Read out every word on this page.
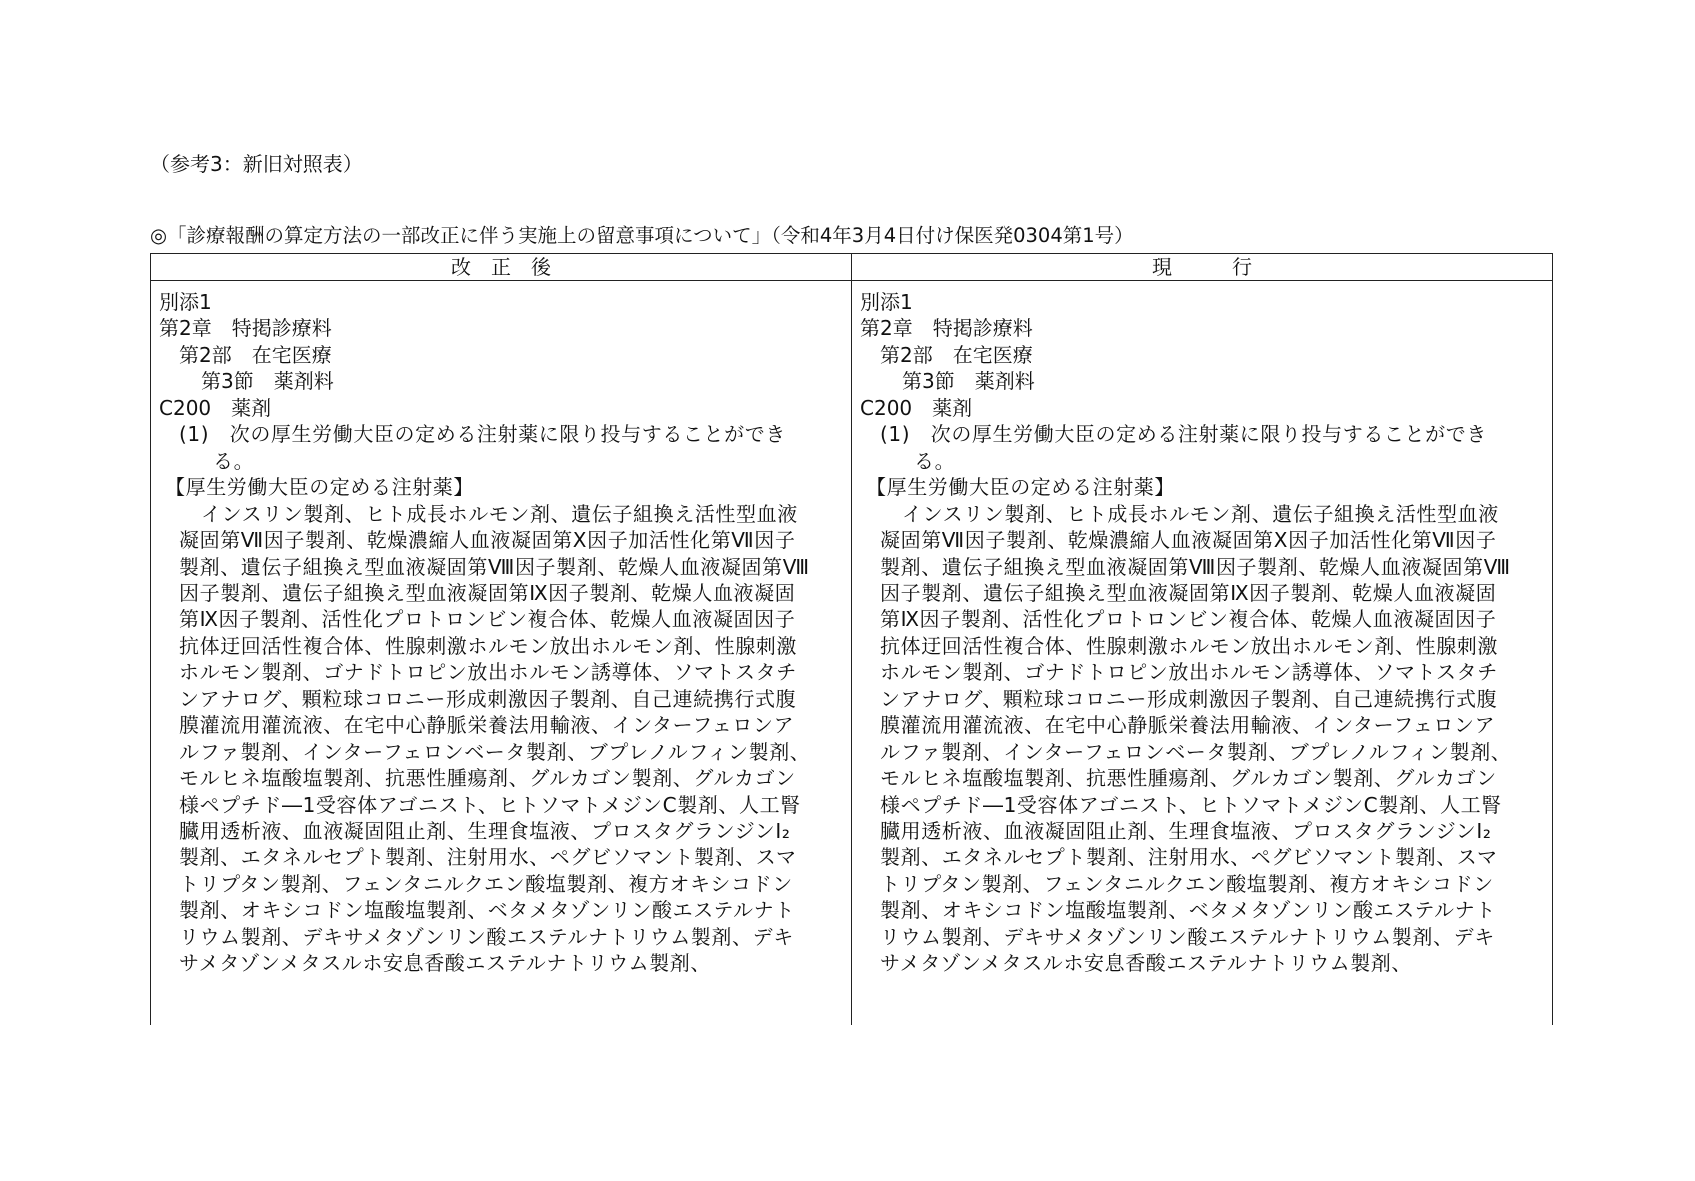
（参考3：新旧対照表）
◎「診療報酬の算定方法の一部改正に伴う実施上の留意事項について」（令和4年3月4日付け保医発0304第1号）
改　正　後	現　　　行
別添1
第2章　特掲診療料
第2部　在宅医療
第3節　薬剤料
C200　薬剤
(1)　次の厚生労働大臣の定める注射薬に限り投与することができ
る。
【厚生労働大臣の定める注射薬】
インスリン製剤、ヒト成長ホルモン剤、遺伝子組換え活性型血液
凝固第Ⅶ因子製剤、乾燥濃縮人血液凝固第Ⅹ因子加活性化第Ⅶ因子
製剤、遺伝子組換え型血液凝固第Ⅷ因子製剤、乾燥人血液凝固第Ⅷ
因子製剤、遺伝子組換え型血液凝固第Ⅸ因子製剤、乾燥人血液凝固
第Ⅸ因子製剤、活性化プロトロンビン複合体、乾燥人血液凝固因子
抗体迂回活性複合体、性腺刺激ホルモン放出ホルモン剤、性腺刺激
ホルモン製剤、ゴナドトロピン放出ホルモン誘導体、ソマトスタチ
ンアナログ、顆粒球コロニー形成刺激因子製剤、自己連続携行式腹
膜灌流用灌流液、在宅中心静脈栄養法用輸液、インターフェロンア
ルファ製剤、インターフェロンベータ製剤、ブプレノルフィン製剤、
モルヒネ塩酸塩製剤、抗悪性腫瘍剤、グルカゴン製剤、グルカゴン
様ペプチド―1受容体アゴニスト、ヒトソマトメジンC製剤、人工腎
臓用透析液、血液凝固阻止剤、生理食塩液、プロスタグランジンI₂
製剤、エタネルセプト製剤、注射用水、ペグビソマント製剤、スマ
トリプタン製剤、フェンタニルクエン酸塩製剤、複方オキシコドン
製剤、オキシコドン塩酸塩製剤、ベタメタゾンリン酸エステルナト
リウム製剤、デキサメタゾンリン酸エステルナトリウム製剤、デキ
サメタゾンメタスルホ安息香酸エステルナトリウム製剤、
別添1
第2章　特掲診療料
第2部　在宅医療
第3節　薬剤料
C200　薬剤
(1)　次の厚生労働大臣の定める注射薬に限り投与することができ
る。
【厚生労働大臣の定める注射薬】
インスリン製剤、ヒト成長ホルモン剤、遺伝子組換え活性型血液
凝固第Ⅶ因子製剤、乾燥濃縮人血液凝固第Ⅹ因子加活性化第Ⅶ因子
製剤、遺伝子組換え型血液凝固第Ⅷ因子製剤、乾燥人血液凝固第Ⅷ
因子製剤、遺伝子組換え型血液凝固第Ⅸ因子製剤、乾燥人血液凝固
第Ⅸ因子製剤、活性化プロトロンビン複合体、乾燥人血液凝固因子
抗体迂回活性複合体、性腺刺激ホルモン放出ホルモン剤、性腺刺激
ホルモン製剤、ゴナドトロピン放出ホルモン誘導体、ソマトスタチ
ンアナログ、顆粒球コロニー形成刺激因子製剤、自己連続携行式腹
膜灌流用灌流液、在宅中心静脈栄養法用輸液、インターフェロンア
ルファ製剤、インターフェロンベータ製剤、ブプレノルフィン製剤、
モルヒネ塩酸塩製剤、抗悪性腫瘍剤、グルカゴン製剤、グルカゴン
様ペプチド―1受容体アゴニスト、ヒトソマトメジンC製剤、人工腎
臓用透析液、血液凝固阻止剤、生理食塩液、プロスタグランジンI₂
製剤、エタネルセプト製剤、注射用水、ペグビソマント製剤、スマ
トリプタン製剤、フェンタニルクエン酸塩製剤、複方オキシコドン
製剤、オキシコドン塩酸塩製剤、ベタメタゾンリン酸エステルナト
リウム製剤、デキサメタゾンリン酸エステルナトリウム製剤、デキ
サメタゾンメタスルホ安息香酸エステルナトリウム製剤、
